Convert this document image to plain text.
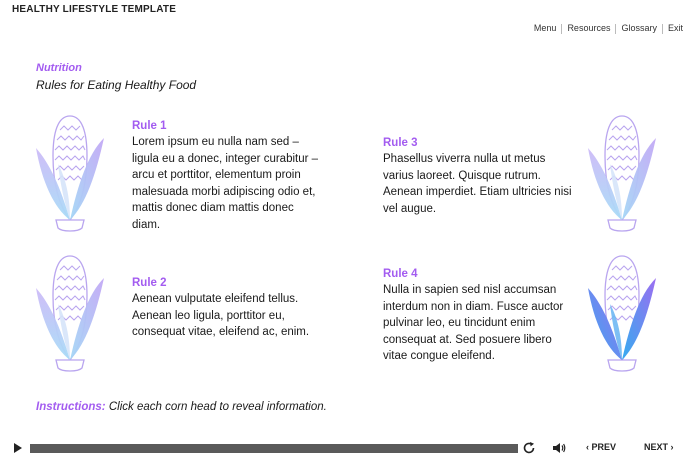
HEALTHY LIFESTYLE TEMPLATE
Menu	Resources	Glossary	Exit
Nutrition
Rules for Eating Healthy Food
Rule 1
Lorem ipsum eu nulla nam sed – ligula eu a donec, integer curabitur – arcu et porttitor, elementum proin malesuada morbi adipiscing odio et, mattis donec diam mattis donec diam.
Rule 2
Aenean vulputate eleifend tellus. Aenean leo ligula, porttitor eu, consequat vitae, eleifend ac, enim.
Rule 3
Phasellus viverra nulla ut metus varius laoreet. Quisque rutrum. Aenean imperdiet. Etiam ultricies nisi vel augue.
Rule 4
Nulla in sapien sed nisl accumsan interdum non in diam. Fusce auctor pulvinar leo, eu tincidunt enim consequat at. Sed posuere libero vitae congue eleifend.
Instructions: Click each corn head to reveal information.
‹ PREV	NEXT ›
